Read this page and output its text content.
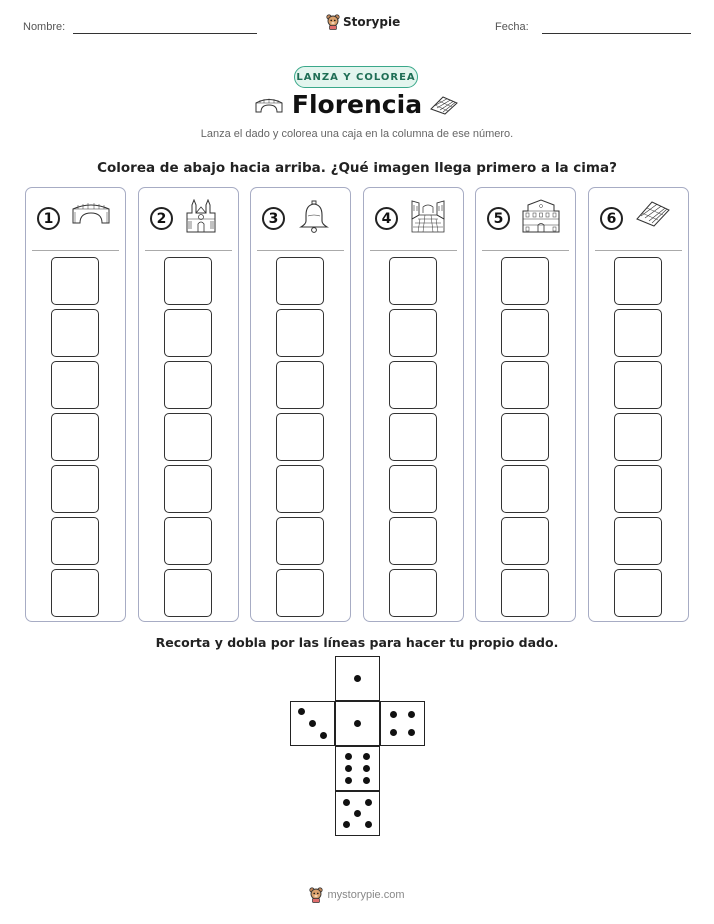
Nombre:	Storypie	Fecha:
LANZA Y COLOREA
Florencia
Lanza el dado y colorea una caja en la columna de ese número.
Colorea de abajo hacia arriba. ¿Qué imagen llega primero a la cima?
1	2	3	4	5	6
Recorta y dobla por las líneas para hacer tu propio dado.
mystorypie.com
